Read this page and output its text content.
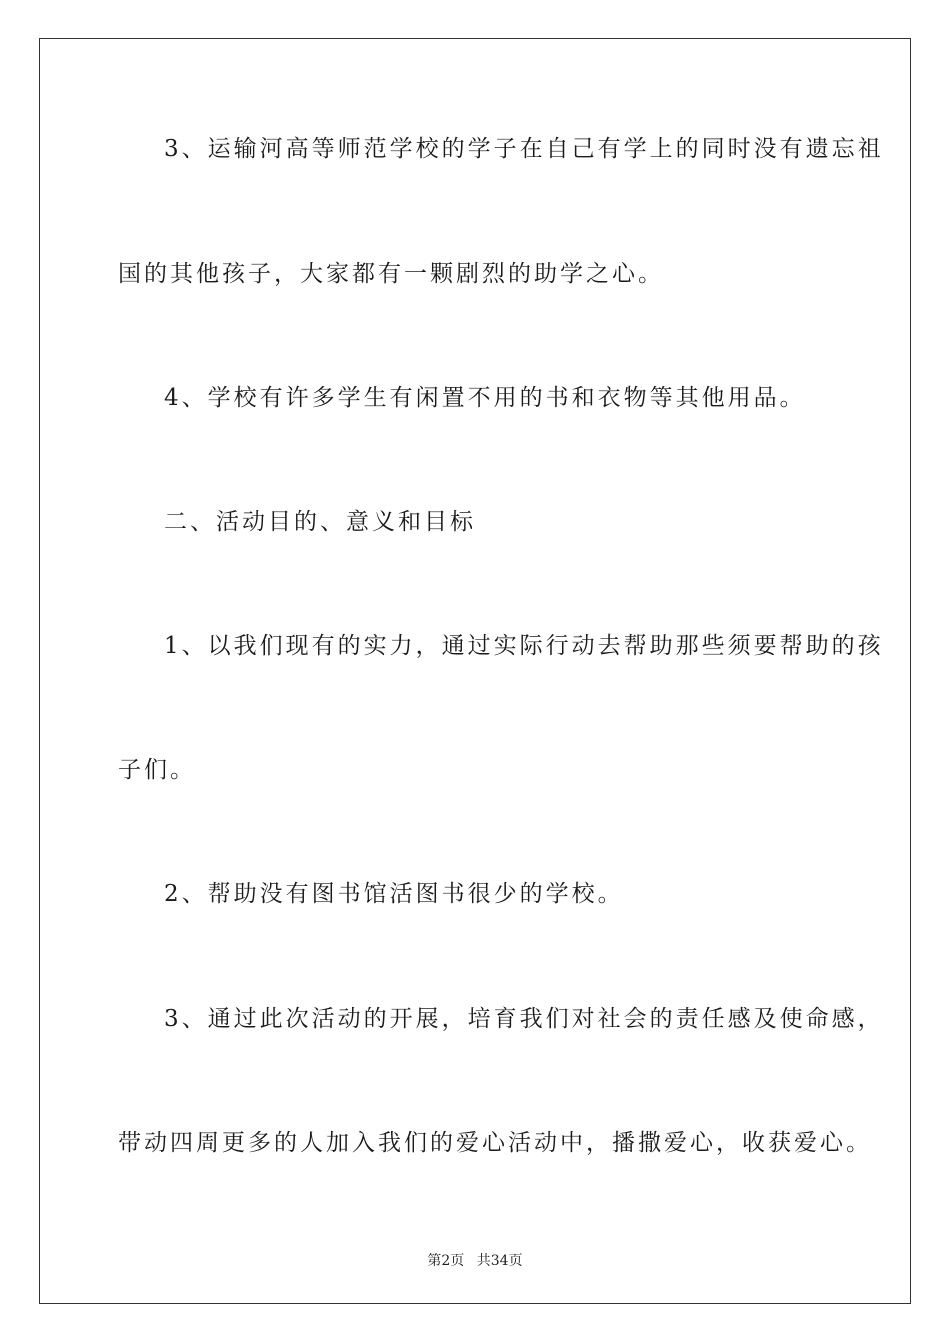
3、运输河高等师范学校的学子在自己有学上的同时没有遗忘祖

国的其他孩子，大家都有一颗剧烈的助学之心。

4、学校有许多学生有闲置不用的书和衣物等其他用品。

二、活动目的、意义和目标

1、以我们现有的实力，通过实际行动去帮助那些须要帮助的孩

子们。

2、帮助没有图书馆活图书很少的学校。

3、通过此次活动的开展，培育我们对社会的责任感及使命感，

带动四周更多的人加入我们的爱心活动中，播撒爱心，收获爱心。

第2页 共34页
